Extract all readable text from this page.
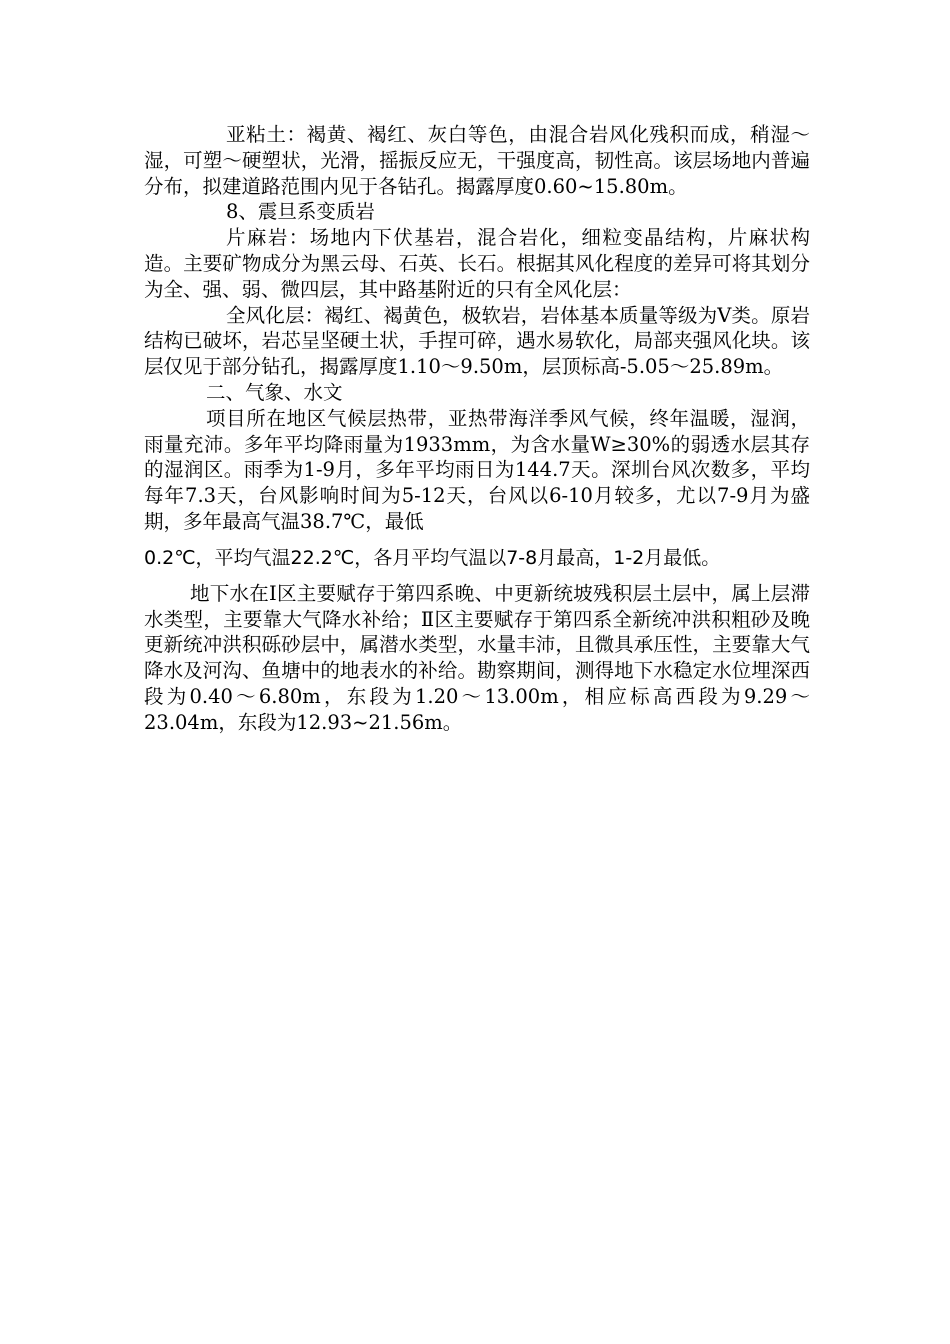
亚粘土：褐黄、褐红、灰白等色，由混合岩风化残积而成，稍湿～湿，可塑～硬塑状，光滑，摇振反应无，干强度高，韧性高。该层场地内普遍分布，拟建道路范围内见于各钻孔。揭露厚度0.60~15.80m。

8、震旦系变质岩

片麻岩：场地内下伏基岩，混合岩化，细粒变晶结构，片麻状构造。主要矿物成分为黑云母、石英、长石。根据其风化程度的差异可将其划分为全、强、弱、微四层，其中路基附近的只有全风化层：

全风化层：褐红、褐黄色，极软岩，岩体基本质量等级为Ⅴ类。原岩结构已破坏，岩芯呈坚硬土状，手捏可碎，遇水易软化，局部夹强风化块。该层仅见于部分钻孔，揭露厚度1.10～9.50m，层顶标高-5.05～25.89m。

二、气象、水文

项目所在地区气候层热带，亚热带海洋季风气候，终年温暖，湿润，雨量充沛。多年平均降雨量为1933mm，为含水量W≥30%的弱透水层其存的湿润区。雨季为1-9月，多年平均雨日为144.7天。深圳台风次数多，平均每年7.3天，台风影响时间为5-12天，台风以6-10月较多，尤以7-9月为盛期，多年最高气温38.7℃，最低

0.2℃，平均气温22.2℃，各月平均气温以7-8月最高，1-2月最低。

地下水在Ⅰ区主要赋存于第四系晚、中更新统坡残积层土层中，属上层滞水类型，主要靠大气降水补给；Ⅱ区主要赋存于第四系全新统冲洪积粗砂及晚更新统冲洪积砾砂层中，属潜水类型，水量丰沛，且微具承压性，主要靠大气降水及河沟、鱼塘中的地表水的补给。勘察期间，测得地下水稳定水位埋深西段为0.40～6.80m，东段为1.20～13.00m，相应标高西段为9.29～23.04m，东段为12.93~21.56m。
